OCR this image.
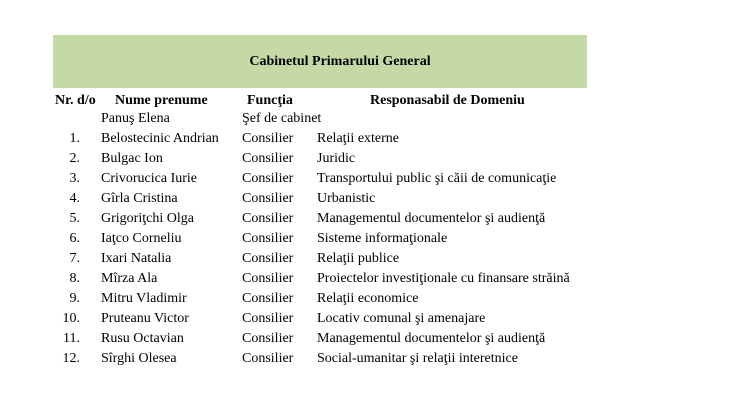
Cabinetul Primarului General
Nr. d/o Nume prenume	Funcţia	Responasabil de Domeniu
Panuş Elena	Şef de cabinet
1. Belostecinic Andrian Consilier Relaţii externe
2. Bulgac Ion	Consilier Juridic
3. Crivorucica Iurie	Consilier Transportului public şi căii de comunicaţie
4. Gîrla Cristina	Consilier Urbanistic
5. Grigoriţchi Olga	Consilier Managementul documentelor şi audienţă
6. Iaţco Corneliu	Consilier Sisteme informaţionale
7. Ixari Natalia	Consilier Relaţii publice
8. Mîrza Ala	Consilier Proiectelor investiţionale cu finansare străină
9. Mitru Vladimir	Consilier Relaţii economice
10. Pruteanu Victor	Consilier Locativ comunal şi amenajare
11. Rusu Octavian	Consilier Managementul documentelor şi audienţă
12. Sîrghi Olesea	Consilier Social-umanitar şi relaţii interetnice
